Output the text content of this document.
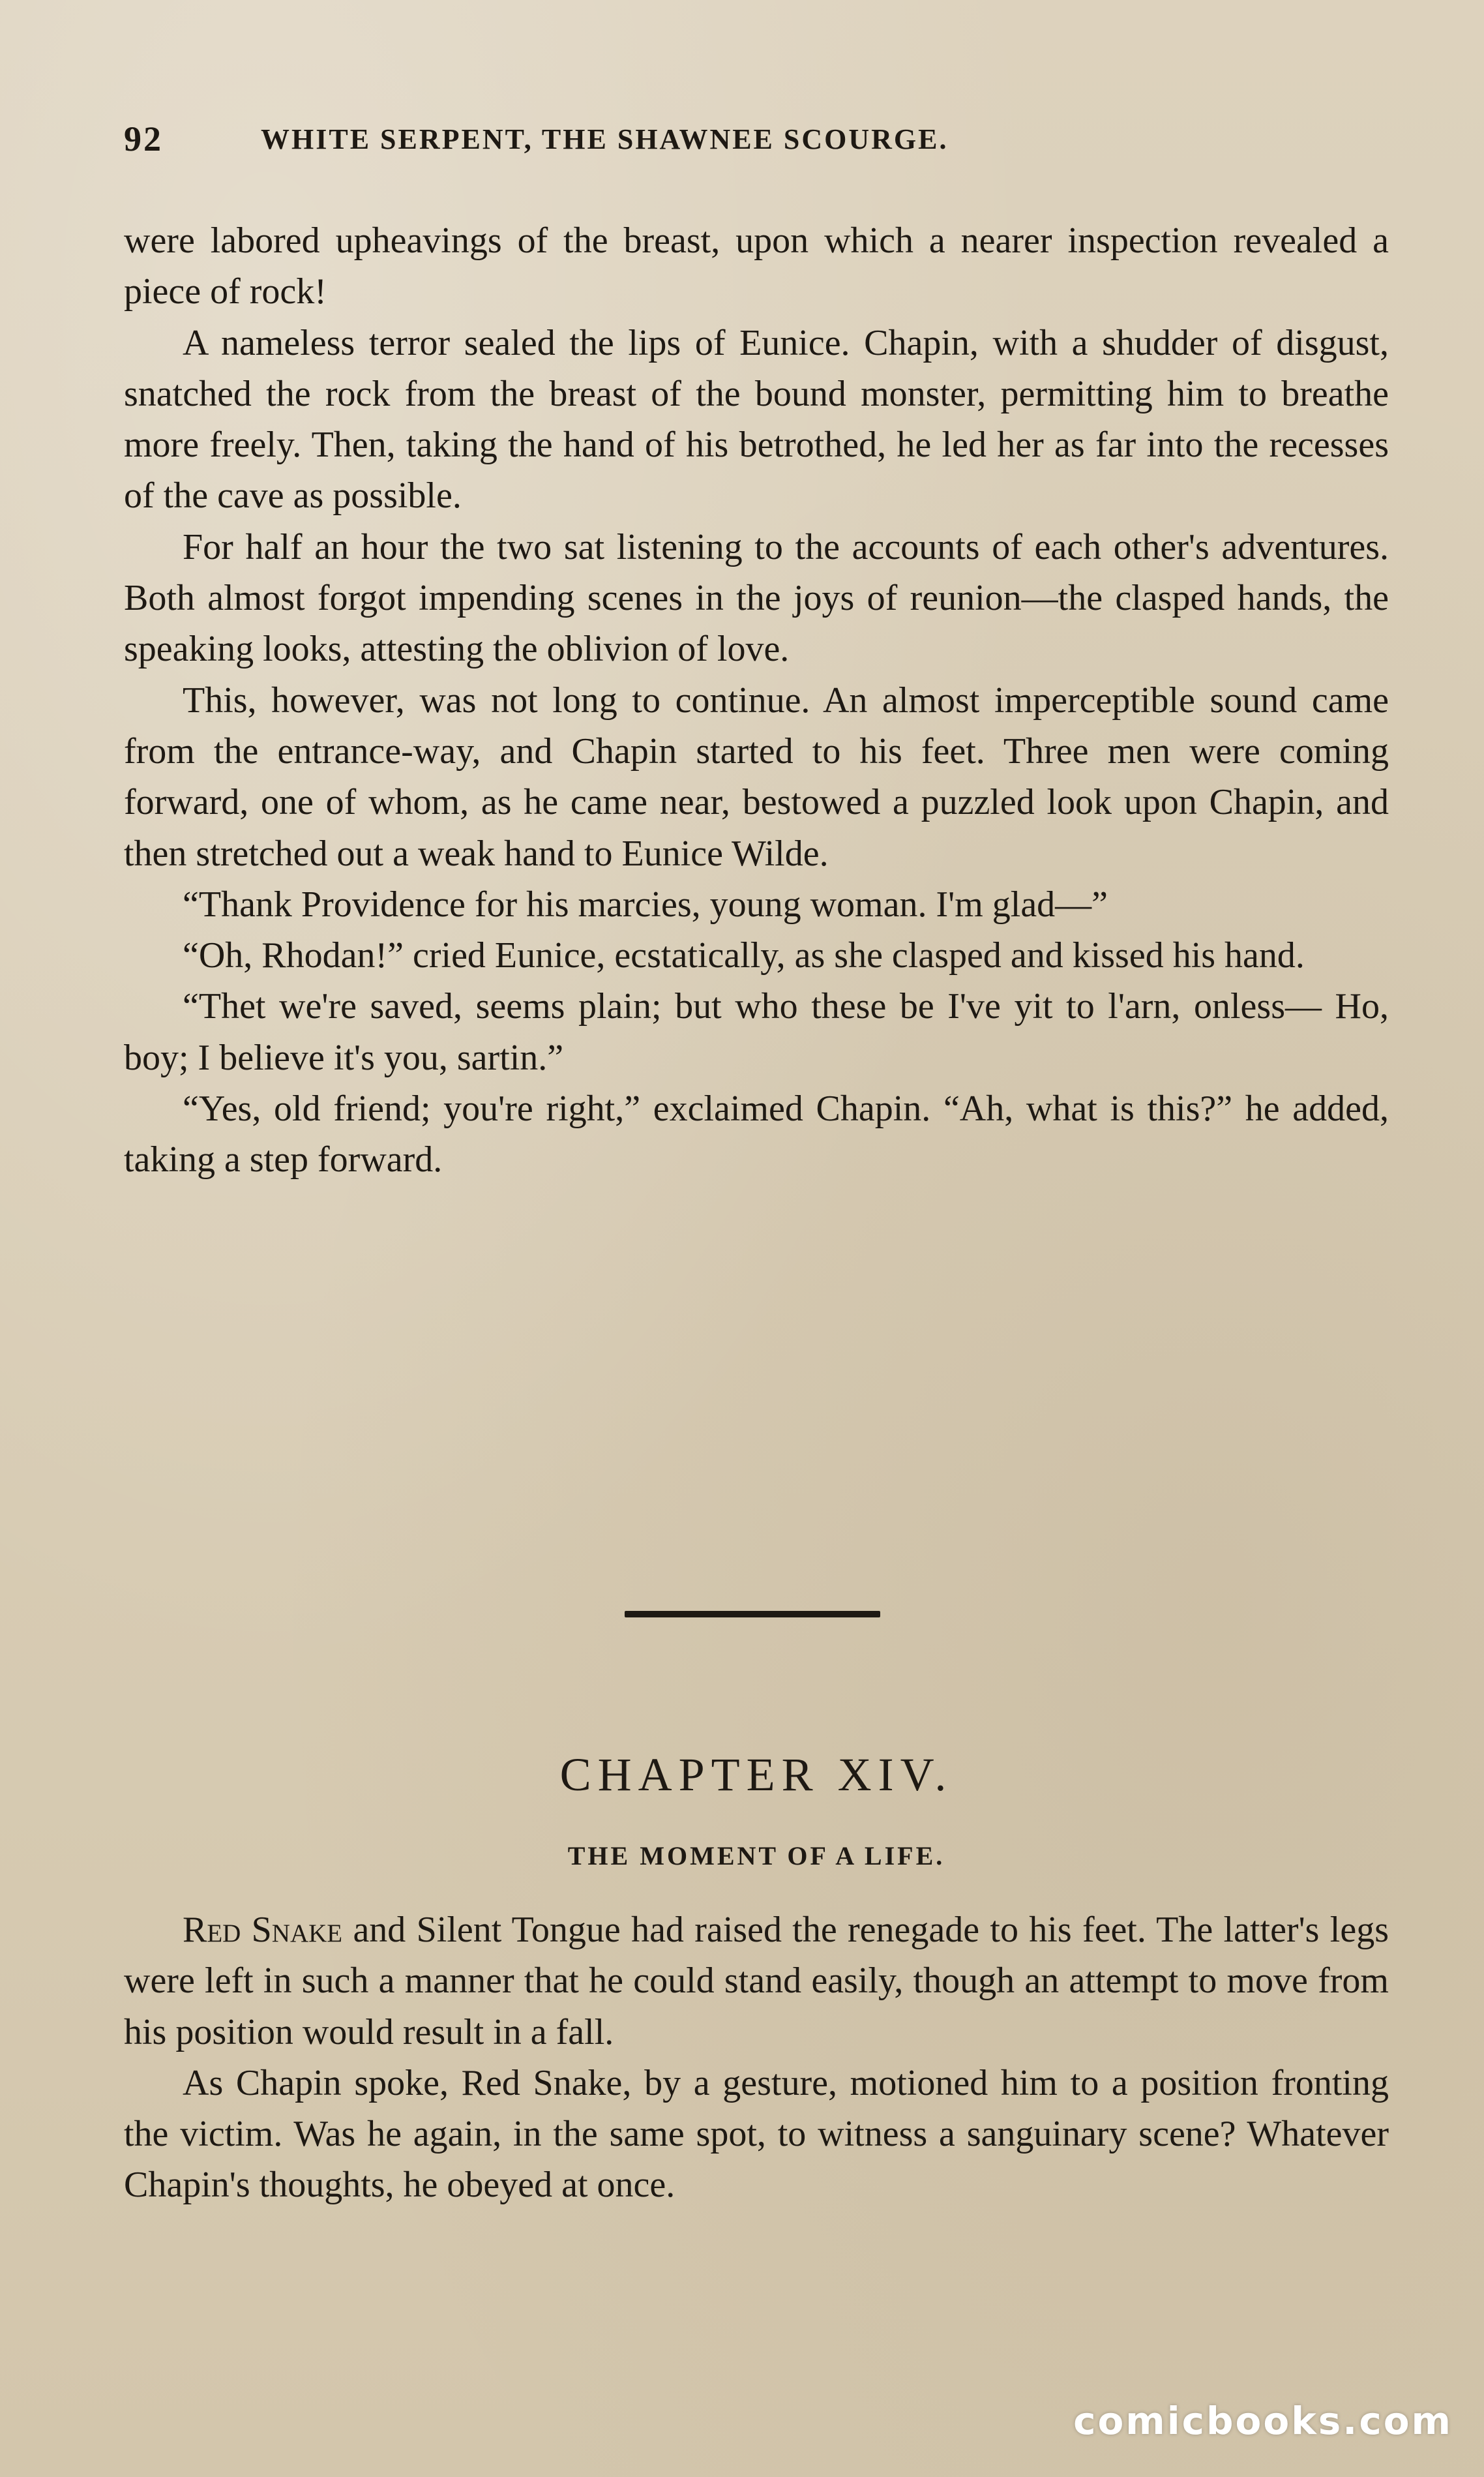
92	WHITE SERPENT, THE SHAWNEE SCOURGE.

were labored upheavings of the breast, upon which a nearer inspection revealed a piece of rock!

A nameless terror sealed the lips of Eunice. Chapin, with a shudder of disgust, snatched the rock from the breast of the bound monster, permitting him to breathe more freely. Then, taking the hand of his betrothed, he led her as far into the recesses of the cave as possible.

For half an hour the two sat listening to the accounts of each other's adventures. Both almost forgot impending scenes in the joys of reunion—the clasped hands, the speaking looks, attesting the oblivion of love.

This, however, was not long to continue. An almost imperceptible sound came from the entrance-way, and Chapin started to his feet. Three men were coming forward, one of whom, as he came near, bestowed a puzzled look upon Chapin, and then stretched out a weak hand to Eunice Wilde.

“Thank Providence for his marcies, young woman. I'm glad—”

“Oh, Rhodan!” cried Eunice, ecstatically, as she clasped and kissed his hand.

“Thet we're saved, seems plain; but who these be I've yit to l'arn, onless— Ho, boy; I believe it's you, sartin.”

“Yes, old friend; you're right,” exclaimed Chapin. “Ah, what is this?” he added, taking a step forward.

CHAPTER XIV.
THE MOMENT OF A LIFE.

Red Snake and Silent Tongue had raised the renegade to his feet. The latter's legs were left in such a manner that he could stand easily, though an attempt to move from his position would result in a fall.

As Chapin spoke, Red Snake, by a gesture, motioned him to a position fronting the victim. Was he again, in the same spot, to witness a sanguinary scene? Whatever Chapin's thoughts, he obeyed at once.

comicbooks.com
